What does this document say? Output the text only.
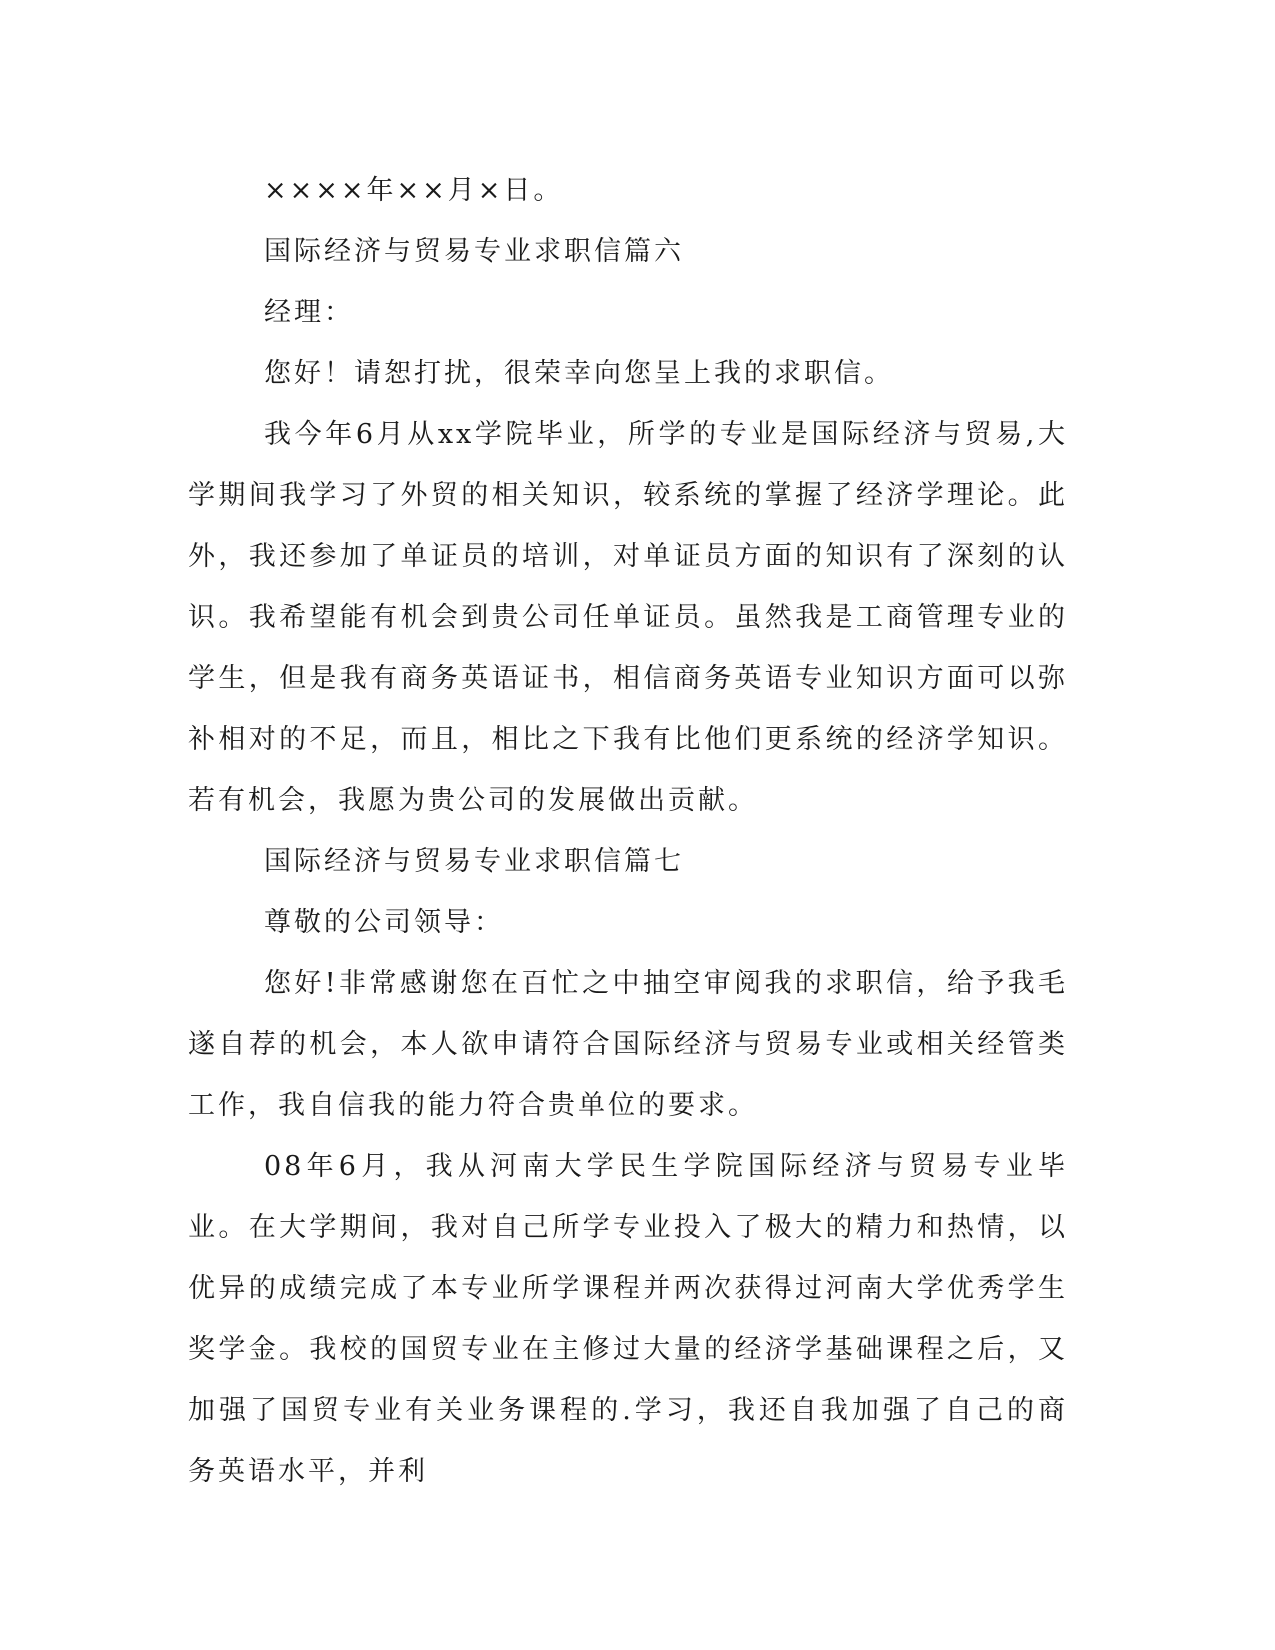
××××年××月×日。

国际经济与贸易专业求职信篇六

经理：

您好！请恕打扰，很荣幸向您呈上我的求职信。

我今年6月从xx学院毕业，所学的专业是国际经济与贸易,大学期间我学习了外贸的相关知识，较系统的掌握了经济学理论。此外，我还参加了单证员的培训，对单证员方面的知识有了深刻的认识。我希望能有机会到贵公司任单证员。虽然我是工商管理专业的学生，但是我有商务英语证书，相信商务英语专业知识方面可以弥补相对的不足，而且，相比之下我有比他们更系统的经济学知识。若有机会，我愿为贵公司的发展做出贡献。

国际经济与贸易专业求职信篇七

尊敬的公司领导：

您好!非常感谢您在百忙之中抽空审阅我的求职信，给予我毛遂自荐的机会，本人欲申请符合国际经济与贸易专业或相关经管类工作，我自信我的能力符合贵单位的要求。

08年6月，我从河南大学民生学院国际经济与贸易专业毕业。在大学期间，我对自己所学专业投入了极大的精力和热情，以优异的成绩完成了本专业所学课程并两次获得过河南大学优秀学生奖学金。我校的国贸专业在主修过大量的经济学基础课程之后，又加强了国贸专业有关业务课程的.学习，我还自我加强了自己的商务英语水平，并利
